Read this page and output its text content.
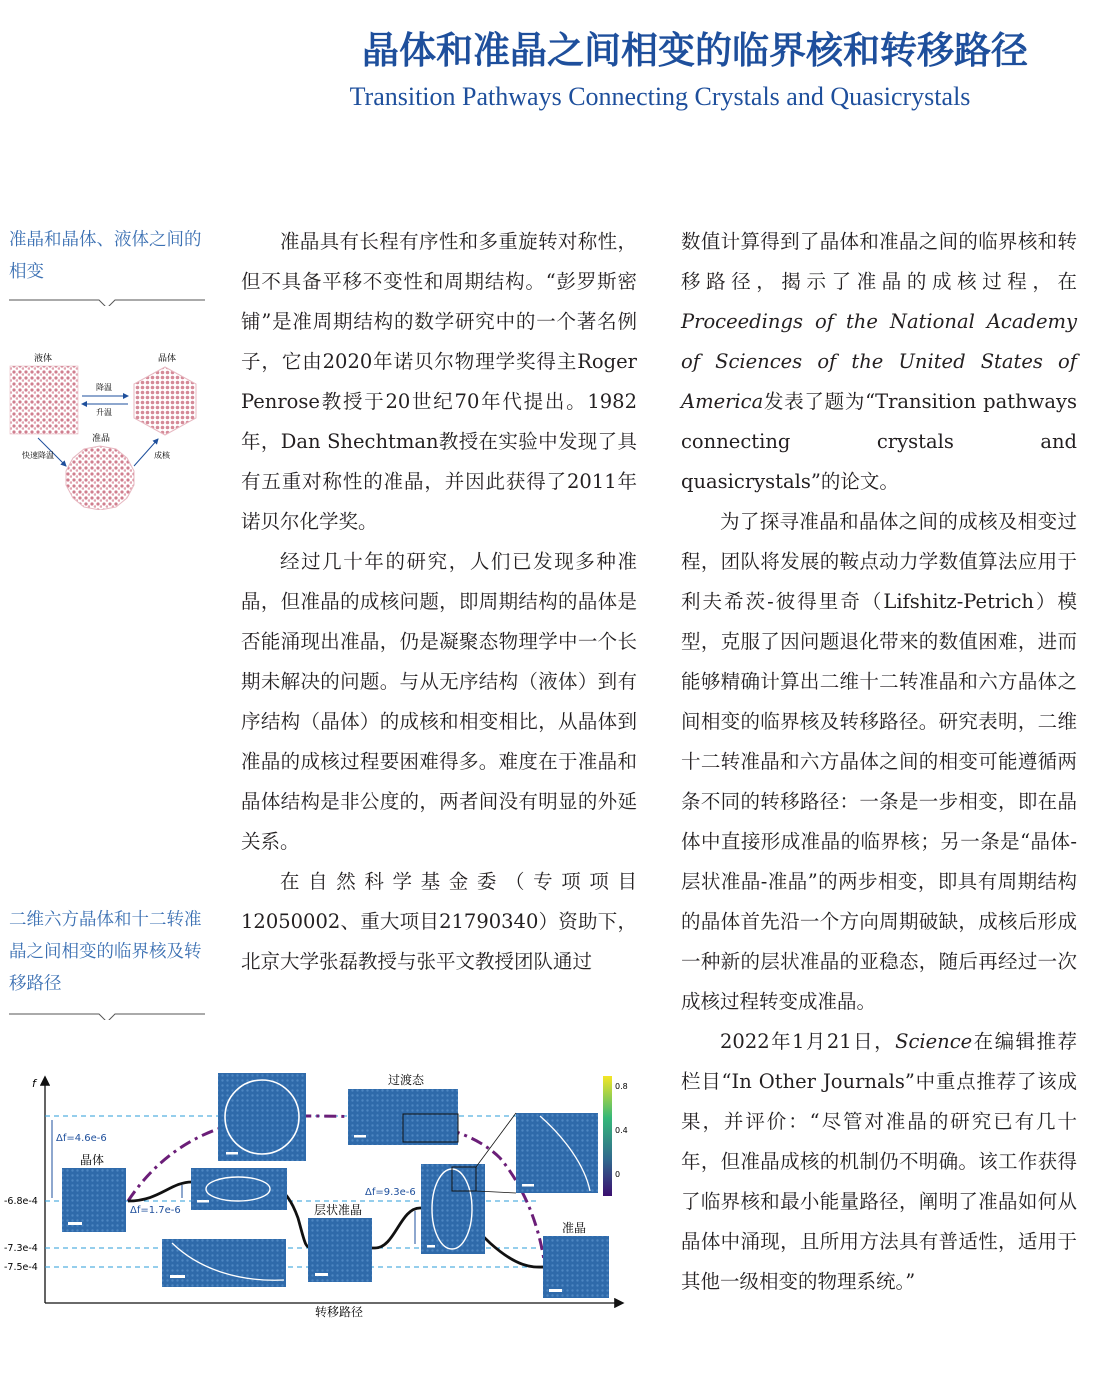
晶体和准晶之间相变的临界核和转移路径
Transition Pathways Connecting Crystals and Quasicrystals
准晶和晶体、液体之间的相变
二维六方晶体和十二转准晶之间相变的临界核及转移路径
液体	晶体
准晶
降温
升温
快速降温	成核
f
转移路径
-6.8e-4
-7.3e-4
-7.5e-4
Δf=4.6e-6
Δf=1.7e-6
Δf=9.3e-6
晶体
过渡态
层状准晶
准晶
0.8
0.4
0

准晶具有长程有序性和多重旋转对称性，但不具备平移不变性和周期结构。“彭罗斯密铺”是准周期结构的数学研究中的一个著名例子，它由2020年诺贝尔物理学奖得主Roger Penrose教授于20世纪70年代提出。1982年，Dan Shechtman教授在实验中发现了具有五重对称性的准晶，并因此获得了2011年诺贝尔化学奖。

经过几十年的研究，人们已发现多种准晶，但准晶的成核问题，即周期结构的晶体是否能涌现出准晶，仍是凝聚态物理学中一个长期未解决的问题。与从无序结构（液体）到有序结构（晶体）的成核和相变相比，从晶体到准晶的成核过程要困难得多。难度在于准晶和晶体结构是非公度的，两者间没有明显的外延关系。

在自然科学基金委（专项项目12050002、重大项目21790340）资助下，北京大学张磊教授与张平文教授团队通过

数值计算得到了晶体和准晶之间的临界核和转移路径，揭示了准晶的成核过程，在Proceedings of the National Academy of Sciences of the United States of America发表了题为“Transition pathways connecting crystals and quasicrystals”的论文。

为了探寻准晶和晶体之间的成核及相变过程，团队将发展的鞍点动力学数值算法应用于利夫希茨-彼得里奇（Lifshitz-Petrich）模型，克服了因问题退化带来的数值困难，进而能够精确计算出二维十二转准晶和六方晶体之间相变的临界核及转移路径。研究表明，二维十二转准晶和六方晶体之间的相变可能遵循两条不同的转移路径：一条是一步相变，即在晶体中直接形成准晶的临界核；另一条是“晶体-层状准晶-准晶”的两步相变，即具有周期结构的晶体首先沿一个方向周期破缺，成核后形成一种新的层状准晶的亚稳态，随后再经过一次成核过程转变成准晶。

2022年1月21日，Science在编辑推荐栏目“In Other Journals”中重点推荐了该成果，并评价：“尽管对准晶的研究已有几十年，但准晶成核的机制仍不明确。该工作获得了临界核和最小能量路径，阐明了准晶如何从晶体中涌现，且所用方法具有普适性，适用于其他一级相变的物理系统。”
